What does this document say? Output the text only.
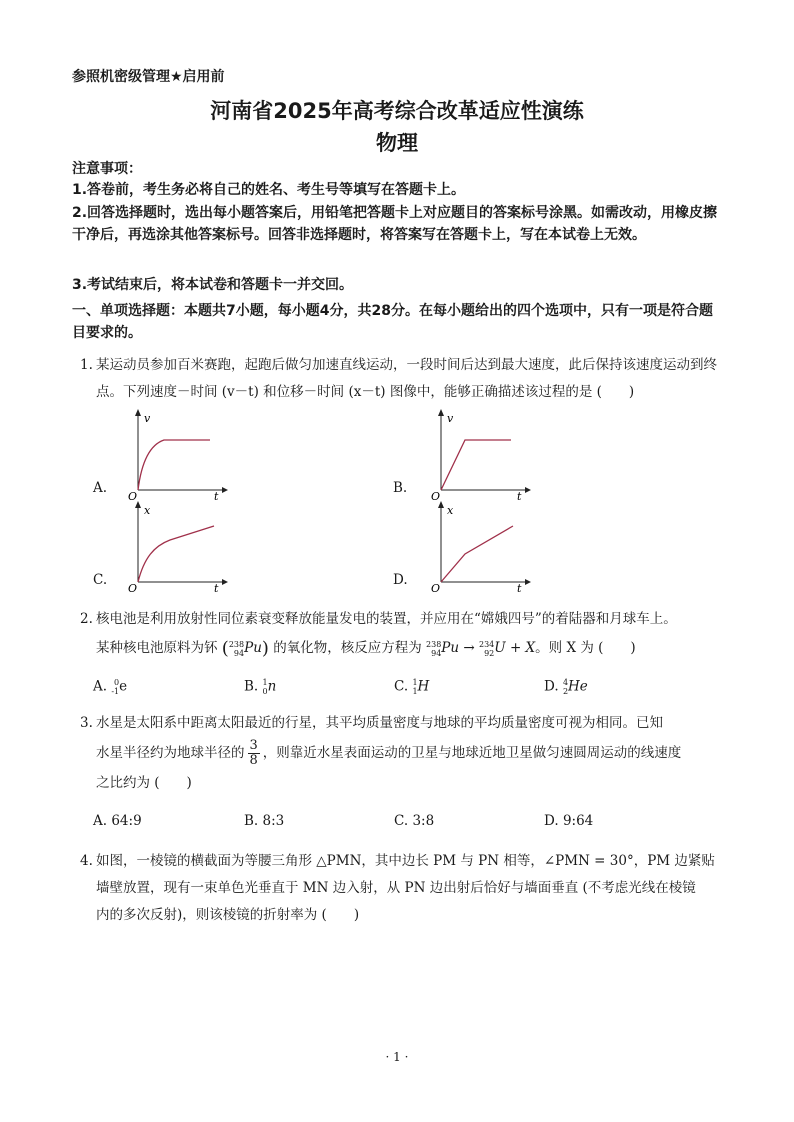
参照机密级管理★启用前
河南省2025年高考综合改革适应性演练
物理
注意事项：
1.答卷前，考生务必将自己的姓名、考生号等填写在答题卡上。
2.回答选择题时，选出每小题答案后，用铅笔把答题卡上对应题目的答案标号涂黑。如需改动，用橡皮擦干净后，再选涂其他答案标号。回答非选择题时，将答案写在答题卡上，写在本试卷上无效。
3.考试结束后，将本试卷和答题卡一并交回。
一、单项选择题：本题共7小题，每小题4分，共28分。在每小题给出的四个选项中，只有一项是符合题目要求的。
1. 某运动员参加百米赛跑，起跑后做匀加速直线运动，一段时间后达到最大速度，此后保持该速度运动到终点。下列速度－时间 (v－t) 和位移－时间 (x－t) 图像中，能够正确描述该过程的是 (　　)
A.
v
t
O
B.
v
t
O
C.
x
t
O
D.
x
t
O
2. 核电池是利用放射性同位素衰变释放能量发电的装置，并应用在“嫦娥四号”的着陆器和月球车上。
某种核电池原料为钚 ( 238
94 Pu) 的氧化物，核反应方程为 238
94 Pu → 234
92 U + X。则 X 为 (　　)
A. 0
-1 e	B. 1
0 n	C. 1
1 H	D. 4
2 He
3. 水星是太阳系中距离太阳最近的行星，其平均质量密度与地球的平均质量密度可视为相同。已知
水星半径约为地球半径的 $\frac{3}{8}$ ，则靠近水星表面运动的卫星与地球近地卫星做匀速圆周运动的线速度
之比约为 (　　)
A. 64:9	B. 8:3	C. 3:8	D. 9:64
4. 如图，一棱镜的横截面为等腰三角形 △PMN，其中边长 PM 与 PN 相等，∠PMN = 30°，PM 边紧贴
墙壁放置，现有一束单色光垂直于 MN 边入射，从 PN 边出射后恰好与墙面垂直 (不考虑光线在棱镜
内的多次反射)，则该棱镜的折射率为 (　　)
· 1 ·
